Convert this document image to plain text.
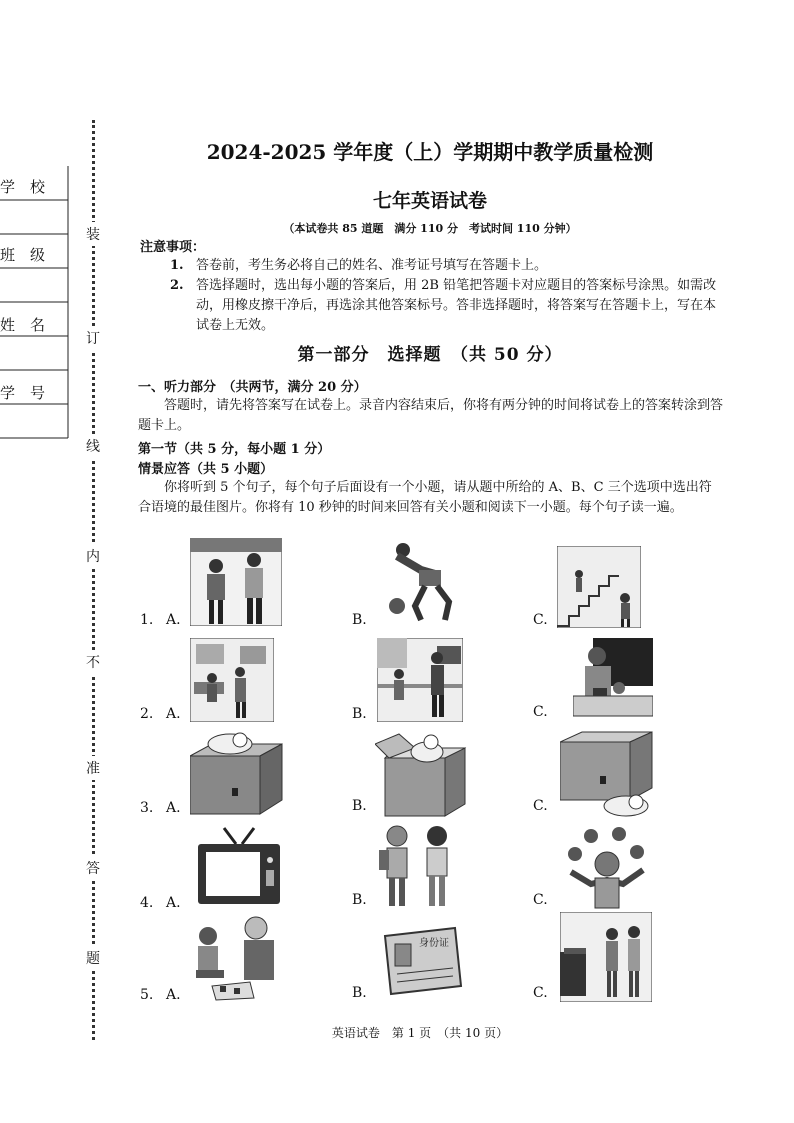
学 校
班 级
姓 名
学 号
装
订
线
内
不
准
答
题
2024-2025 学年度（上）学期期中教学质量检测
七年英语试卷
（本试卷共 85 道题　满分 110 分　考试时间 110 分钟）
注意事项：
1. 答卷前，考生务必将自己的姓名、准考证号填写在答题卡上。
2. 答选择题时，选出每小题的答案后，用 2B 铅笔把答题卡对应题目的答案标号涂黑。如需改动，用橡皮擦干净后，再选涂其他答案标号。答非选择题时，将答案写在答题卡上，写在本试卷上无效。
第一部分　选择题　（共 50 分）
一、听力部分　（共两节，满分 20 分）
答题时，请先将答案写在试卷上。录音内容结束后，你将有两分钟的时间将试卷上的答案转涂到答题卡上。
第一节（共 5 分，每小题 1 分）
情景应答（共 5 小题）
你将听到 5 个句子，每个句子后面设有一个小题，请从题中所给的 A、B、C 三个选项中选出符合语境的最佳图片。你将有 10 秒钟的时间来回答有关小题和阅读下一小题。每个句子读一遍。
1. A.	B.	C.
2. A.	B.	C.
3. A.	B.	C.
4. A.	B.	C.
5. A.	B.	C.
身份证
英语试卷　第 1 页　（共 10 页）
